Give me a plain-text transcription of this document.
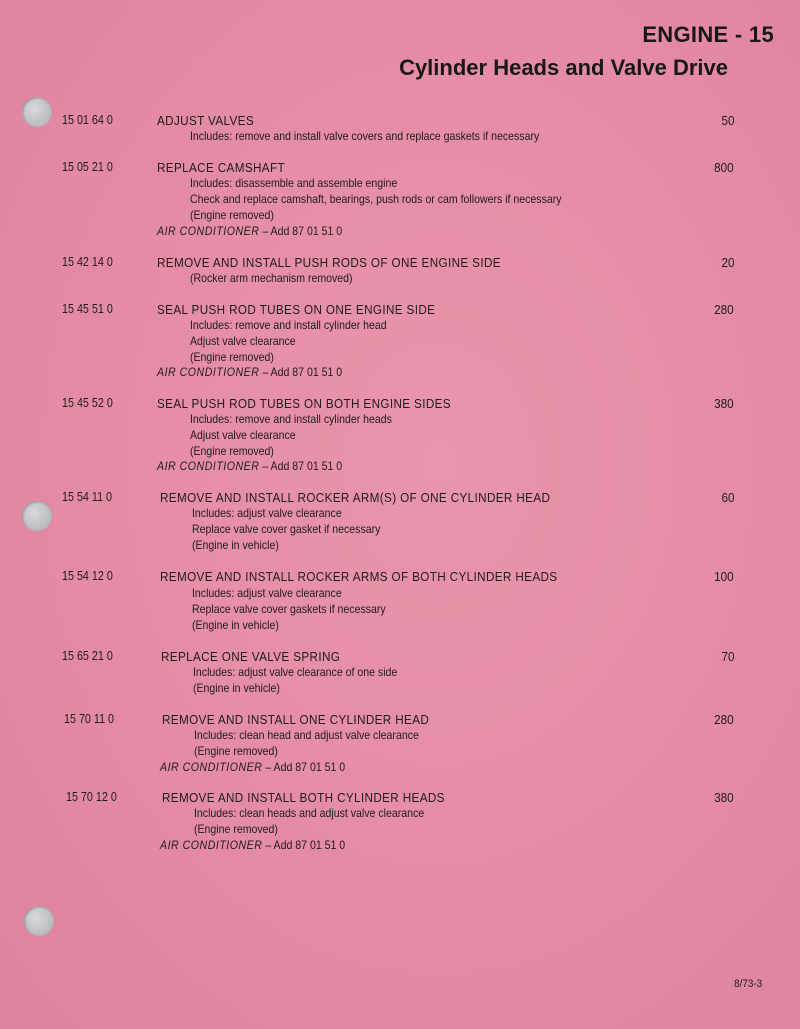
ENGINE - 15
Cylinder Heads and Valve Drive
15 01 64 0	ADJUST VALVES	50
Includes: remove and install valve covers and replace gaskets if necessary
15 05 21 0	REPLACE CAMSHAFT	800
Includes: disassemble and assemble engine
Check and replace camshaft, bearings, push rods or cam followers if necessary
(Engine removed)
AIR CONDITIONER – Add 87 01 51 0
15 42 14 0	REMOVE AND INSTALL PUSH RODS OF ONE ENGINE SIDE	20
(Rocker arm mechanism removed)
15 45 51 0	SEAL PUSH ROD TUBES ON ONE ENGINE SIDE	280
Includes: remove and install cylinder head
Adjust valve clearance
(Engine removed)
AIR CONDITIONER – Add 87 01 51 0
15 45 52 0	SEAL PUSH ROD TUBES ON BOTH ENGINE SIDES	380
Includes: remove and install cylinder heads
Adjust valve clearance
(Engine removed)
AIR CONDITIONER – Add 87 01 51 0
15 54 11 0	REMOVE AND INSTALL ROCKER ARM(S) OF ONE CYLINDER HEAD	60
Includes: adjust valve clearance
Replace valve cover gasket if necessary
(Engine in vehicle)
15 54 12 0	REMOVE AND INSTALL ROCKER ARMS OF BOTH CYLINDER HEADS	100
Includes: adjust valve clearance
Replace valve cover gaskets if necessary
(Engine in vehicle)
15 65 21 0	REPLACE ONE VALVE SPRING	70
Includes: adjust valve clearance of one side
(Engine in vehicle)
15 70 11 0	REMOVE AND INSTALL ONE CYLINDER HEAD	280
Includes: clean head and adjust valve clearance
(Engine removed)
AIR CONDITIONER – Add 87 01 51 0
15 70 12 0	REMOVE AND INSTALL BOTH CYLINDER HEADS	380
Includes: clean heads and adjust valve clearance
(Engine removed)
AIR CONDITIONER – Add 87 01 51 0
8/73-3
